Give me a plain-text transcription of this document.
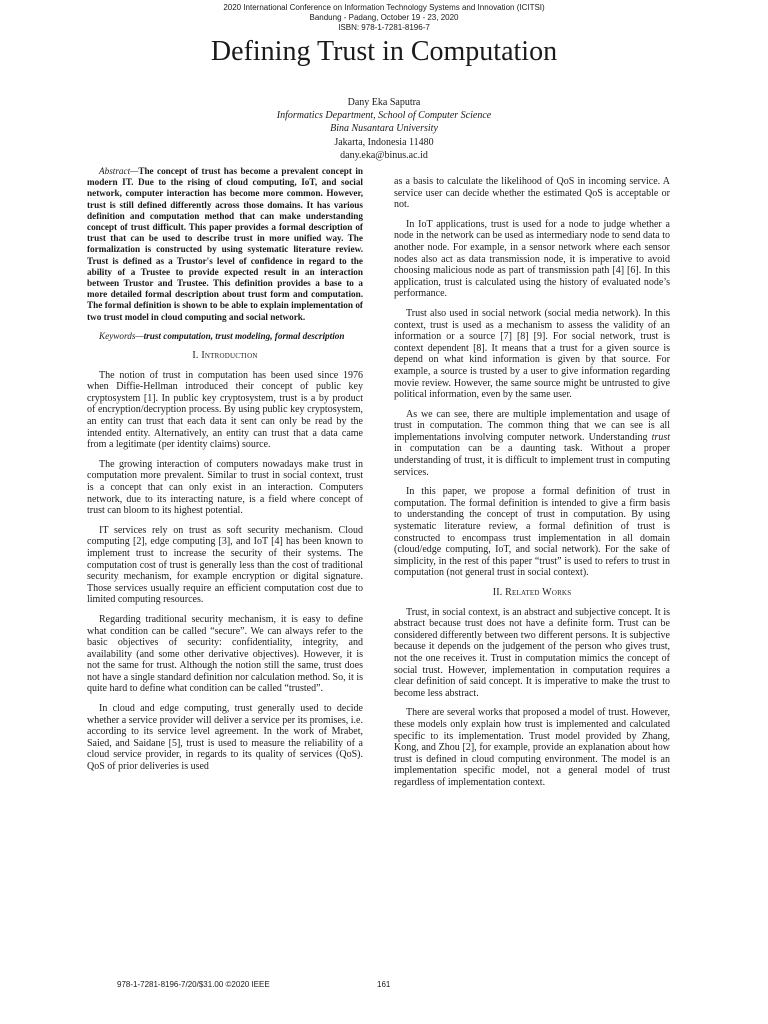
2020 International Conference on Information Technology Systems and Innovation (ICITSI)
Bandung - Padang, October 19 - 23, 2020
ISBN: 978-1-7281-8196-7
Defining Trust in Computation
Dany Eka Saputra
Informatics Department, School of Computer Science
Bina Nusantara University
Jakarta, Indonesia 11480
dany.eka@binus.ac.id

Abstract—The concept of trust has become a prevalent concept in modern IT. Due to the rising of cloud computing, IoT, and social network, computer interaction has become more common. However, trust is still defined differently across those domains. It has various definition and computation method that can make understanding concept of trust difficult. This paper provides a formal description of trust that can be used to describe trust in more unified way. The formalization is constructed by using systematic literature review. Trust is defined as a Trustor's level of confidence in regard to the ability of a Trustee to provide expected result in an interaction between Trustor and Trustee. This definition provides a base to a more detailed formal description about trust form and computation. The formal definition is shown to be able to explain implementation of two trust model in cloud computing and social network.

Keywords—trust computation, trust modeling, formal description

I. Introduction

The notion of trust in computation has been used since 1976 when Diffie-Hellman introduced their concept of public key cryptosystem [1]. In public key cryptosystem, trust is a by product of encryption/decryption process. By using public key cryptosystem, an entity can trust that each data it sent can only be read by the intended entity. Alternatively, an entity can trust that a data came from a legitimate (per identity claims) source.

The growing interaction of computers nowadays make trust in computation more prevalent. Similar to trust in social context, trust is a concept that can only exist in an interaction. Computers network, due to its interacting nature, is a field where concept of trust can bloom to its highest potential.

IT services rely on trust as soft security mechanism. Cloud computing [2], edge computing [3], and IoT [4] has been known to implement trust to increase the security of their systems. The computation cost of trust is generally less than the cost of traditional security mechanism, for example encryption or digital signature. Those services usually require an efficient computation cost due to limited computing resources.

Regarding traditional security mechanism, it is easy to define what condition can be called “secure”. We can always refer to the basic objectives of security: confidentiality, integrity, and availability (and some other derivative objectives). However, it is not the same for trust. Although the notion still the same, trust does not have a single standard definition nor calculation method. So, it is quite hard to define what condition can be called “trusted”.

In cloud and edge computing, trust generally used to decide whether a service provider will deliver a service per its promises, i.e. according to its service level agreement. In the work of Mrabet, Saied, and Saidane [5], trust is used to measure the reliability of a cloud service provider, in regards to its quality of services (QoS). QoS of prior deliveries is used

as a basis to calculate the likelihood of QoS in incoming service. A service user can decide whether the estimated QoS is acceptable or not.

In IoT applications, trust is used for a node to judge whether a node in the network can be used as intermediary node to send data to another node. For example, in a sensor network where each sensor nodes also act as data transmission node, it is imperative to avoid choosing malicious node as part of transmission path [4] [6]. In this application, trust is calculated using the history of evaluated node’s performance.

Trust also used in social network (social media network). In this context, trust is used as a mechanism to assess the validity of an information or a source [7] [8] [9]. For social network, trust is context dependent [8]. It means that a trust for a given source is depend on what kind information is given by that source. For example, a source is trusted by a user to give information regarding movie review. However, the same source might be untrusted to give political information, even by the same user.

As we can see, there are multiple implementation and usage of trust in computation. The common thing that we can see is all implementations involving computer network. Understanding trust in computation can be a daunting task. Without a proper understanding of trust, it is difficult to implement trust in computing services.

In this paper, we propose a formal definition of trust in computation. The formal definition is intended to give a firm basis to understanding the concept of trust in computation. By using systematic literature review, a formal definition of trust is constructed to encompass trust implementation in all domain (cloud/edge computing, IoT, and social network). For the sake of simplicity, in the rest of this paper “trust” is used to refers to trust in computation (not general trust in social context).

II. Related Works

Trust, in social context, is an abstract and subjective concept. It is abstract because trust does not have a definite form. Trust can be considered differently between two different persons. It is subjective because it depends on the judgement of the person who gives trust, not the one receives it. Trust in computation mimics the concept of social trust. However, implementation in computation requires a clear definition of said concept. It is imperative to make the trust to become less abstract.

There are several works that proposed a model of trust. However, these models only explain how trust is implemented and calculated specific to its implementation. Trust model provided by Zhang, Kong, and Zhou [2], for example, provide an explanation about how trust is defined in cloud computing environment. The model is an implementation specific model, not a general model of trust regardless of implementation context.

978-1-7281-8196-7/20/$31.00 ©2020 IEEE	161
